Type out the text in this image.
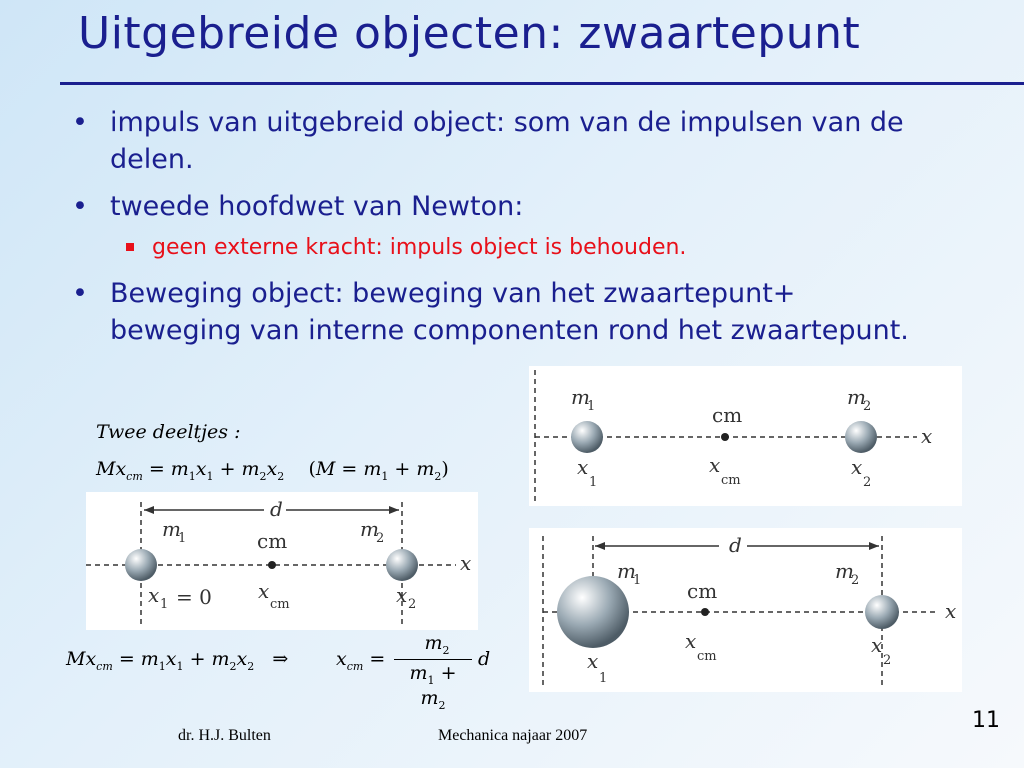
Uitgebreide objecten: zwaartepunt
• impuls van uitgebreid object: som van de impulsen van de delen.
• tweede hoofdwet van Newton:
geen externe kracht: impuls object is behouden.
• Beweging object: beweging van het zwaartepunt+ beweging van interne componenten rond het zwaartepunt.
Twee deeltjes :
$Mx_{cm} = m_1x_1 + m_2x_2$ $(M = m_1 + m_2)$
d
m
1	m
2
cm
x
x 1 = 0 x
cm	x 2
$Mx_{cm} = m_1x_1 + m_2x_2$ ⇒	$x_{cm}$ =
$m_2$
$m_1 + m_2$
d
m
1	m
2
cm
x
x
1
x
cm
x
2
d
m
1	m
2
cm
x
x
1
x
cm	x
2
dr. H.J. Bulten	Mechanica najaar 2007
11
